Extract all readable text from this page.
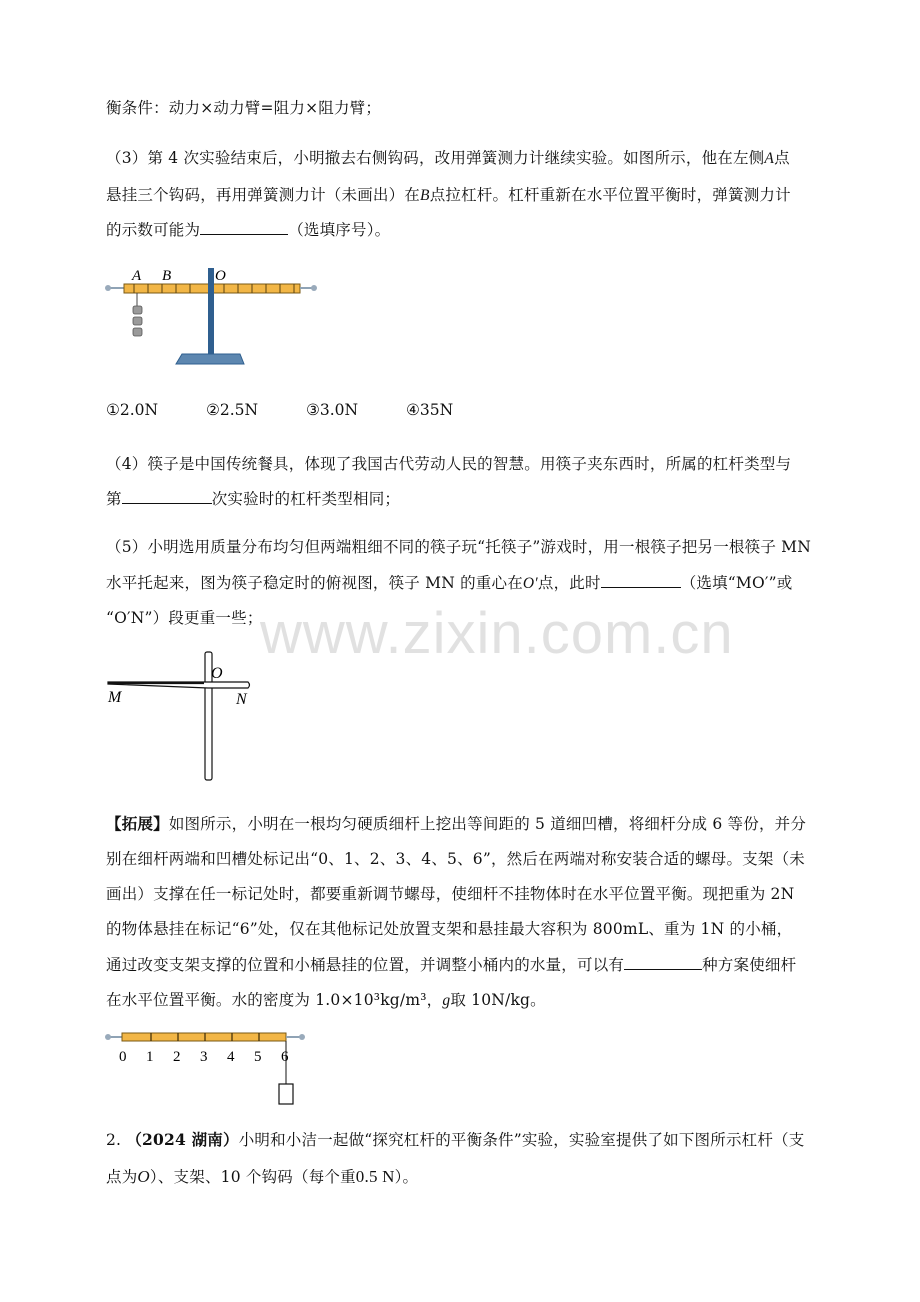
衡条件：动力×动力臂=阻力×阻力臂；
（3）第 4 次实验结束后，小明撤去右侧钩码，改用弹簧测力计继续实验。如图所示，他在左侧A点
悬挂三个钩码，再用弹簧测力计（未画出）在B点拉杠杆。杠杆重新在水平位置平衡时，弹簧测力计
的示数可能为	（选填序号）。
A B	O
①2.0N	②2.5N	③3.0N	④35N
（4）筷子是中国传统餐具，体现了我国古代劳动人民的智慧。用筷子夹东西时，所属的杠杆类型与
第	次实验时的杠杆类型相同；
（5）小明选用质量分布均匀但两端粗细不同的筷子玩“托筷子”游戏时，用一根筷子把另一根筷子 MN
水平托起来，图为筷子稳定时的俯视图，筷子 MN 的重心在O′点，此时	（选填“MO′”或
“O′N”）段更重一些；
www.zixin.com.cn
O
M	N
【拓展】如图所示，小明在一根均匀硬质细杆上挖出等间距的 5 道细凹槽，将细杆分成 6 等份，并分
别在细杆两端和凹槽处标记出“0、1、2、3、4、5、6”，然后在两端对称安装合适的螺母。支架（未
画出）支撑在任一标记处时，都要重新调节螺母，使细杆不挂物体时在水平位置平衡。现把重为 2N
的物体悬挂在标记“6”处，仅在其他标记处放置支架和悬挂最大容积为 800mL、重为 1N 的小桶，
通过改变支架支撑的位置和小桶悬挂的位置，并调整小桶内的水量，可以有	种方案使细杆
在水平位置平衡。水的密度为 1.0×10³kg/m³，g取 10N/kg。
0 1 2 3 4 5 6
2. （2024 湖南）小明和小洁一起做“探究杠杆的平衡条件”实验，实验室提供了如下图所示杠杆（支
点为O）、支架、10 个钩码（每个重0.5 N）。
